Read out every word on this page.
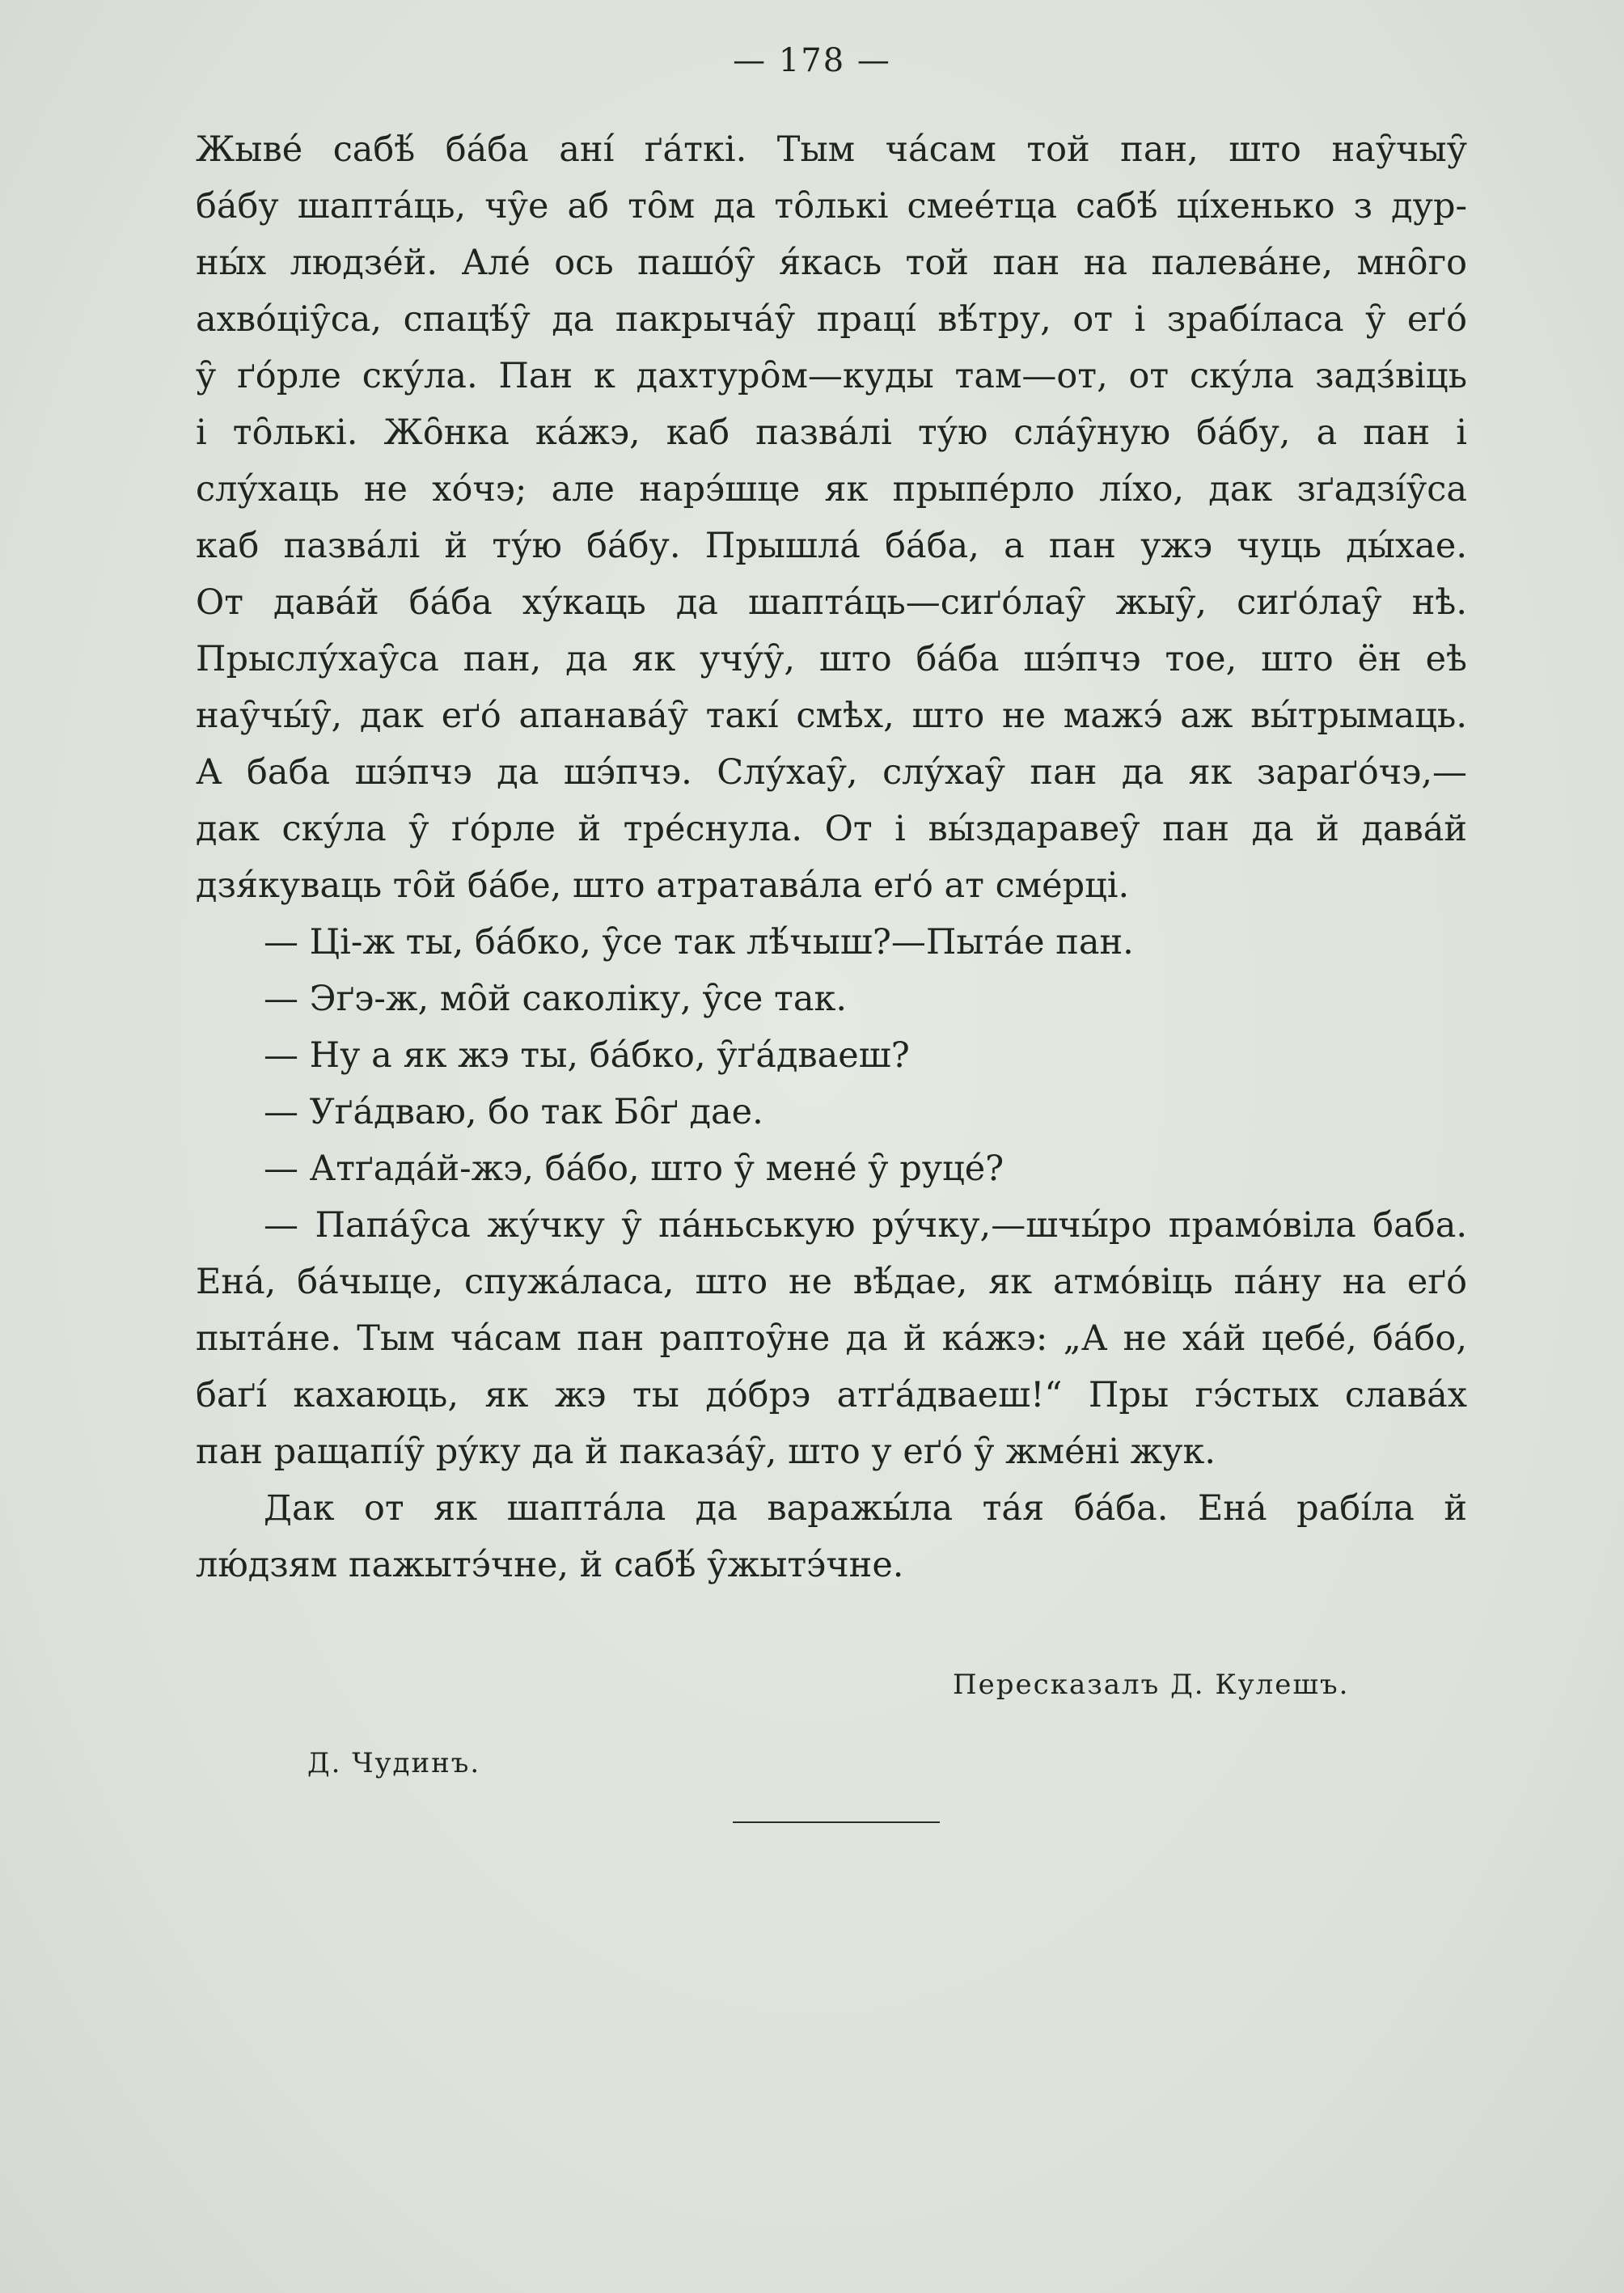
— 178 —
Жыве́ сабѣ́ ба́ба ані́ ґа́ткі. Тым ча́сам той пан, што нау̑чыу̑
ба́бу шапта́ць, чу̑е аб то̑м да то̑лькі смее́тца сабѣ́ ці́хенько з дур-
ны́х людзе́й. Але́ ось пашо́у̑ я́кась той пан на палева́не, мно̑го
ахво́ціу̑са, спацѣ́у̑ да пакрыча́у̑ праці́ вѣ́тру, от і зрабі́ласа у̑ еґо́
у̑ ґо́рле ску́ла. Пан к дахтуро̑м—куды там—от, от ску́ла задз́віць
і то̑лькі. Жо̑нка ка́жэ, каб пазва́лі ту́ю сла́у̑ную ба́бу, а пан і
слу́хаць не хо́чэ; але нарэ́шце як прыпе́рло лі́хо, дак зґадзі́у̑са
каб пазва́лі й ту́ю ба́бу. Прышла́ ба́ба, а пан ужэ чуць ды́хае.
От дава́й ба́ба ху́каць да шапта́ць—сиґо́лау̑ жыу̑, сиґо́лау̑ нѣ.
Прыслу́хау̑са пан, да як учу́у̑, што ба́ба шэ́пчэ тое, што ён еѣ
нау̑чы́у̑, дак еґо́ апанава́у̑ такі́ смѣх, што не мажэ́ аж вы́трымаць.
А баба шэ́пчэ да шэ́пчэ. Слу́хау̑, слу́хау̑ пан да як зараґо́чэ,—
дак ску́ла у̑ ґо́рле й тре́снула. От і вы́здаравеу̑ пан да й дава́й
дзя́куваць то̑й ба́бе, што атратава́ла еґо́ ат сме́рці.
— Ці-ж ты, ба́бко, у̑се так лѣ́чыш?—Пыта́е пан.
— Эґэ-ж, мо̑й саколіку, у̑се так.
— Ну а як жэ ты, ба́бко, у̑ґа́дваеш?
— Уґа́дваю, бо так Бо̑ґ дае.
— Атґада́й-жэ, ба́бо, што у̑ мене́ у̑ руце́?
— Папа́у̑са жу́чку у̑ па́ньськую ру́чку,—шчы́ро прамо́віла баба.
Ена́, ба́чыце, спужа́ласа, што не вѣ́дае, як атмо́віць па́ну на еґо́
пыта́не. Тым ча́сам пан раптоу̑не да й ка́жэ: „А не ха́й цебе́, ба́бо,
баґі́ кахаюць, як жэ ты до́брэ атґа́дваеш!“ Пры гэ́стых слава́х
пан ращапі́у̑ ру́ку да й паказа́у̑, што у еґо́ у̑ жме́ні жук.
Дак от як шапта́ла да варажы́ла та́я ба́ба. Ена́ рабі́ла й
лю́дзям пажытэ́чне, й сабѣ́ у̑жытэ́чне.
Пересказалъ Д. Кулешъ.
Д. Чудинъ.
